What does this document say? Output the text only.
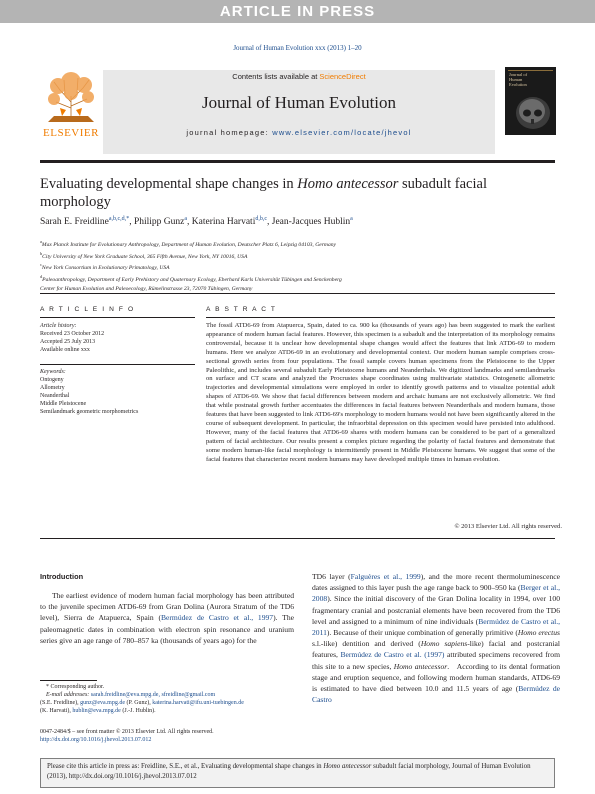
ARTICLE IN PRESS
Journal of Human Evolution xxx (2013) 1–20
Contents lists available at ScienceDirect
Journal of Human Evolution
journal homepage: www.elsevier.com/locate/jhevol
ELSEVIER
Journal of
Human
Evolution
Evaluating developmental shape changes in Homo antecessor subadult facial morphology
Sarah E. Freidline$^{a,b,c,d,*}$, Philipp Gunz$^a$, Katerina Harvati$^{d,b,c}$, Jean-Jacques Hublin$^a$
$^a$Max Planck Institute for Evolutionary Anthropology, Department of Human Evolution, Deutscher Platz 6, Leipzig 04103, Germany
$^b$City University of New York Graduate School, 365 Fifth Avenue, New York, NY 10016, USA
$^c$New York Consortium in Evolutionary Primatology, USA
$^d$Paleoanthropology, Department of Early Prehistory and Quaternary Ecology, Eberhard Karls Universität Tübingen and Senckenberg
Center for Human Evolution and Paleoecology, Rümelinstrasse 23, 72070 Tübingen, Germany
A R T I C L E I N F O	A B S T R A C T
Article history:
Received 23 October 2012
Accepted 25 July 2013
Available online xxx
Keywords:
Ontogeny
Allometry
Neanderthal
Middle Pleistocene
Semilandmark geometric morphometrics
The fossil ATD6-69 from Atapuerca, Spain, dated to ca. 900 ka (thousands of years ago) has been suggested to mark the earliest appearance of modern human facial features. However, this specimen is a subadult and the interpretation of its morphology remains controversial, because it is unclear how developmental shape changes would affect the features that link ATD6-69 to modern humans. Here we analyze ATD6-69 in an evolutionary and developmental context. Our modern human sample comprises cross-sectional growth series from four populations. The fossil sample covers human specimens from the Pleistocene to the Upper Paleolithic, and includes several subadult Early Pleistocene humans and Neanderthals. We digitized landmarks and semilandmarks on surface and CT scans and analyzed the Procrustes shape coordinates using multivariate statistics. Ontogenetic allometric trajectories and developmental simulations were employed in order to identify growth patterns and to visualize potential adult shapes of ATD6-69. We show that facial differences between modern and archaic humans are not exclusively allometric. We find that while postnatal growth further accentuates the differences in facial features between Neanderthals and modern humans, those features that have been suggested to link ATD6-69's morphology to modern humans would not have been significantly altered in the course of subsequent development. In particular, the infraorbital depression on this specimen would have persisted into adulthood. However, many of the facial features that ATD6-69 shares with modern humans can be considered to be part of a generalized pattern of facial architecture. Our results present a complex picture regarding the polarity of facial features and demonstrate that some modern human-like facial morphology is intermittently present in Middle Pleistocene humans. We suggest that some of the facial features that characterize recent modern humans may have developed multiple times in human evolution.
© 2013 Elsevier Ltd. All rights reserved.
Introduction
The earliest evidence of modern human facial morphology has been attributed to the juvenile specimen ATD6-69 from Gran Dolina (Aurora Stratum of the TD6 level), Sierra de Atapuerca, Spain (Bermúdez de Castro et al., 1997). The paleomagnetic dates in combination with electron spin resonance and uranium series give an age range of 780–857 ka (thousands of years ago) for the
TD6 layer (Falguères et al., 1999), and the more recent thermoluminescence dates assigned to this layer push the age range back to 900–950 ka (Berger et al., 2008). Since the initial discovery of the Gran Dolina locality in 1994, over 100 fragmentary cranial and postcranial elements have been recovered from the TD6 level and assigned to a minimum of nine individuals (Bermúdez de Castro et al., 2011). Because of their unique combination of generally primitive (Homo erectus s.l.-like) dentition and derived (Homo sapiens-like) facial and postcranial features, Bermúdez de Castro et al. (1997) attributed specimens recovered from this site to a new species, Homo antecessor. According to its dental formation stage and eruption sequence, and following modern human standards, ATD6-69 is estimated to have died between 10.0 and 11.5 years of age (Bermúdez de Castro
* Corresponding author.
E-mail addresses: sarah.freidline@eva.mpg.de, sfreidline@gmail.com
(S.E. Freidline), gunz@eva.mpg.de (P. Gunz), katerina.harvati@ifu.uni-tuebingen.de
(K. Harvati), hublin@eva.mpg.de (J.-J. Hublin).
0047-2484/$ – see front matter © 2013 Elsevier Ltd. All rights reserved.
http://dx.doi.org/10.1016/j.jhevol.2013.07.012
Please cite this article in press as: Freidline, S.E., et al., Evaluating developmental shape changes in Homo antecessor subadult facial morphology, Journal of Human Evolution (2013), http://dx.doi.org/10.1016/j.jhevol.2013.07.012
